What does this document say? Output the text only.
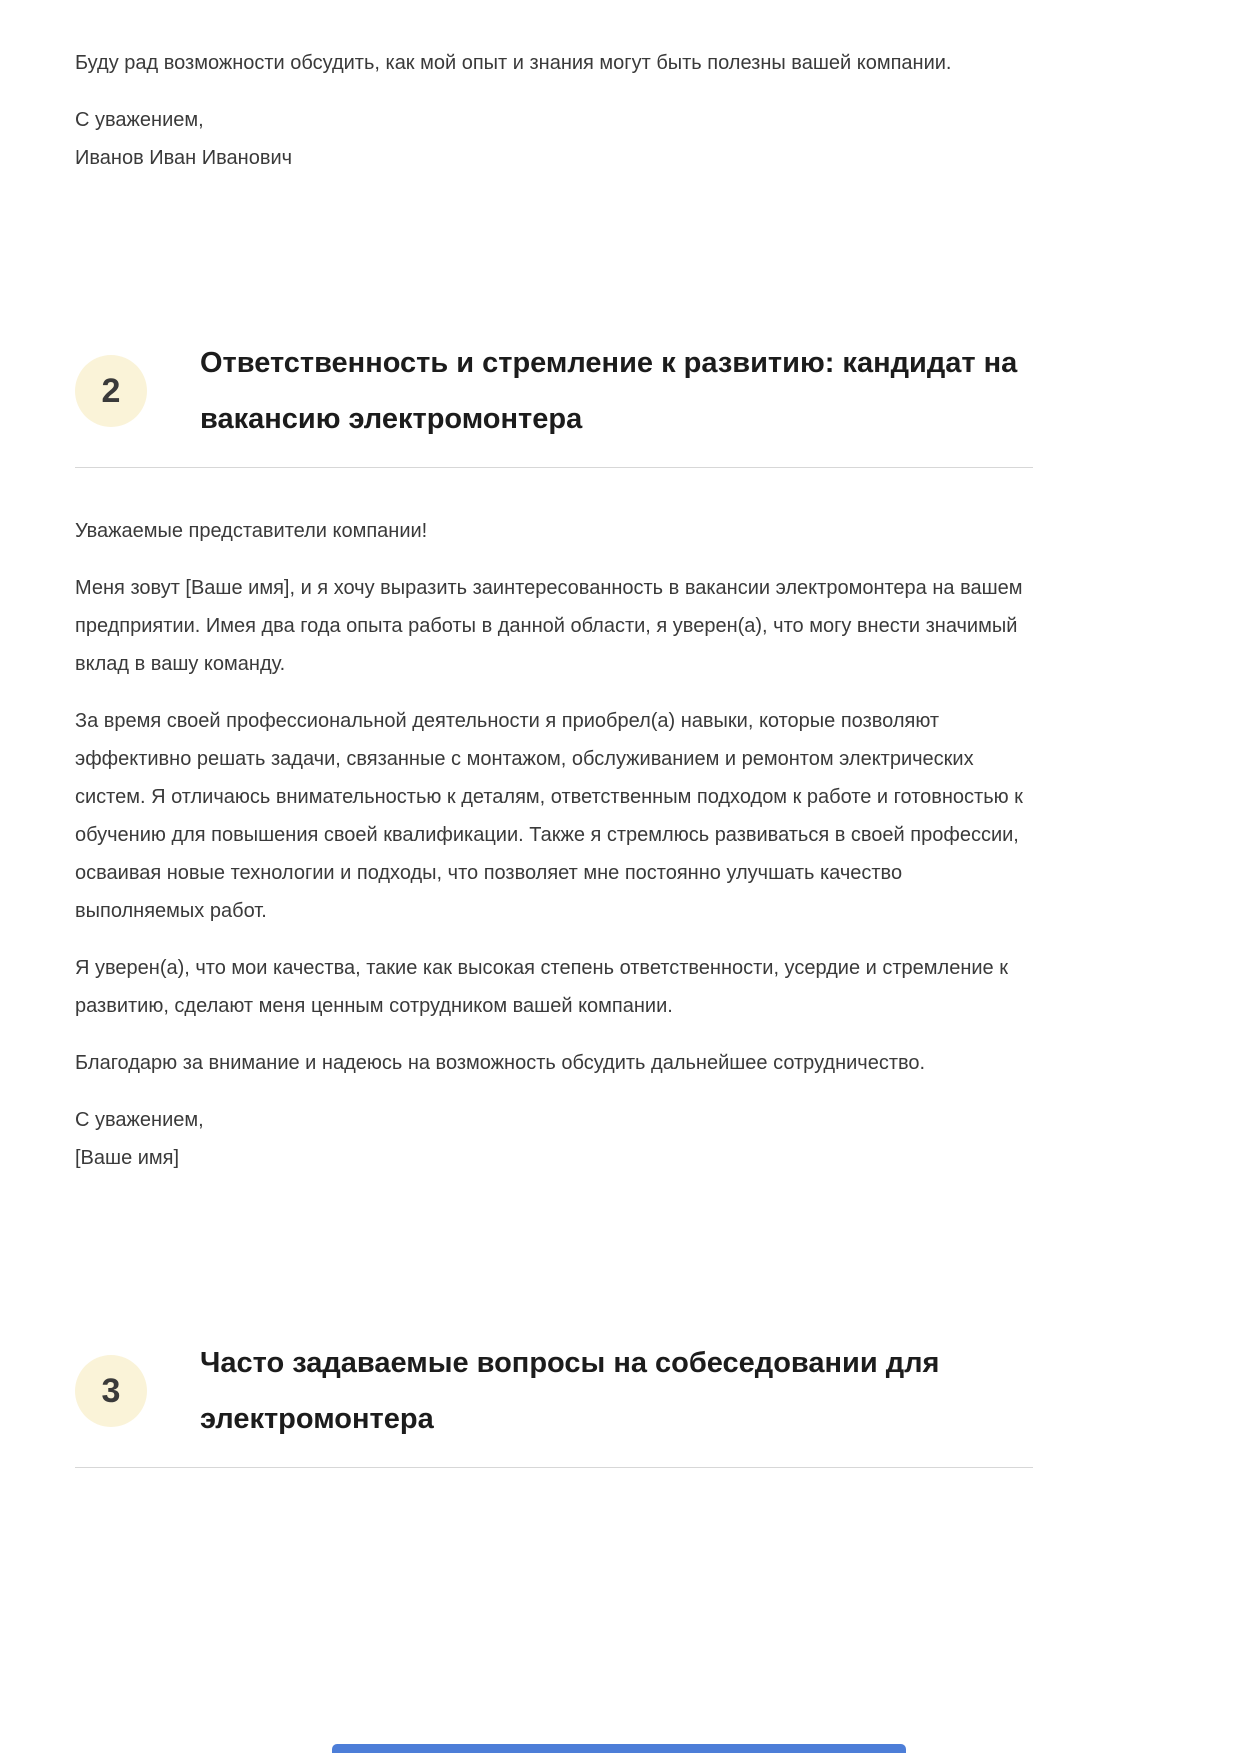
Буду рад возможности обсудить, как мой опыт и знания могут быть полезны вашей компании.

С уважением,
Иванов Иван Иванович
2
Ответственность и стремление к развитию: кандидат на вакансию электромонтера

Уважаемые представители компании!

Меня зовут [Ваше имя], и я хочу выразить заинтересованность в вакансии электромонтера на вашем предприятии. Имея два года опыта работы в данной области, я уверен(а), что могу внести значимый вклад в вашу команду.

За время своей профессиональной деятельности я приобрел(а) навыки, которые позволяют эффективно решать задачи, связанные с монтажом, обслуживанием и ремонтом электрических систем. Я отличаюсь внимательностью к деталям, ответственным подходом к работе и готовностью к обучению для повышения своей квалификации. Также я стремлюсь развиваться в своей профессии, осваивая новые технологии и подходы, что позволяет мне постоянно улучшать качество выполняемых работ.

Я уверен(а), что мои качества, такие как высокая степень ответственности, усердие и стремление к развитию, сделают меня ценным сотрудником вашей компании.

Благодарю за внимание и надеюсь на возможность обсудить дальнейшее сотрудничество.

С уважением,
[Ваше имя]
3
Часто задаваемые вопросы на собеседовании для электромонтера
